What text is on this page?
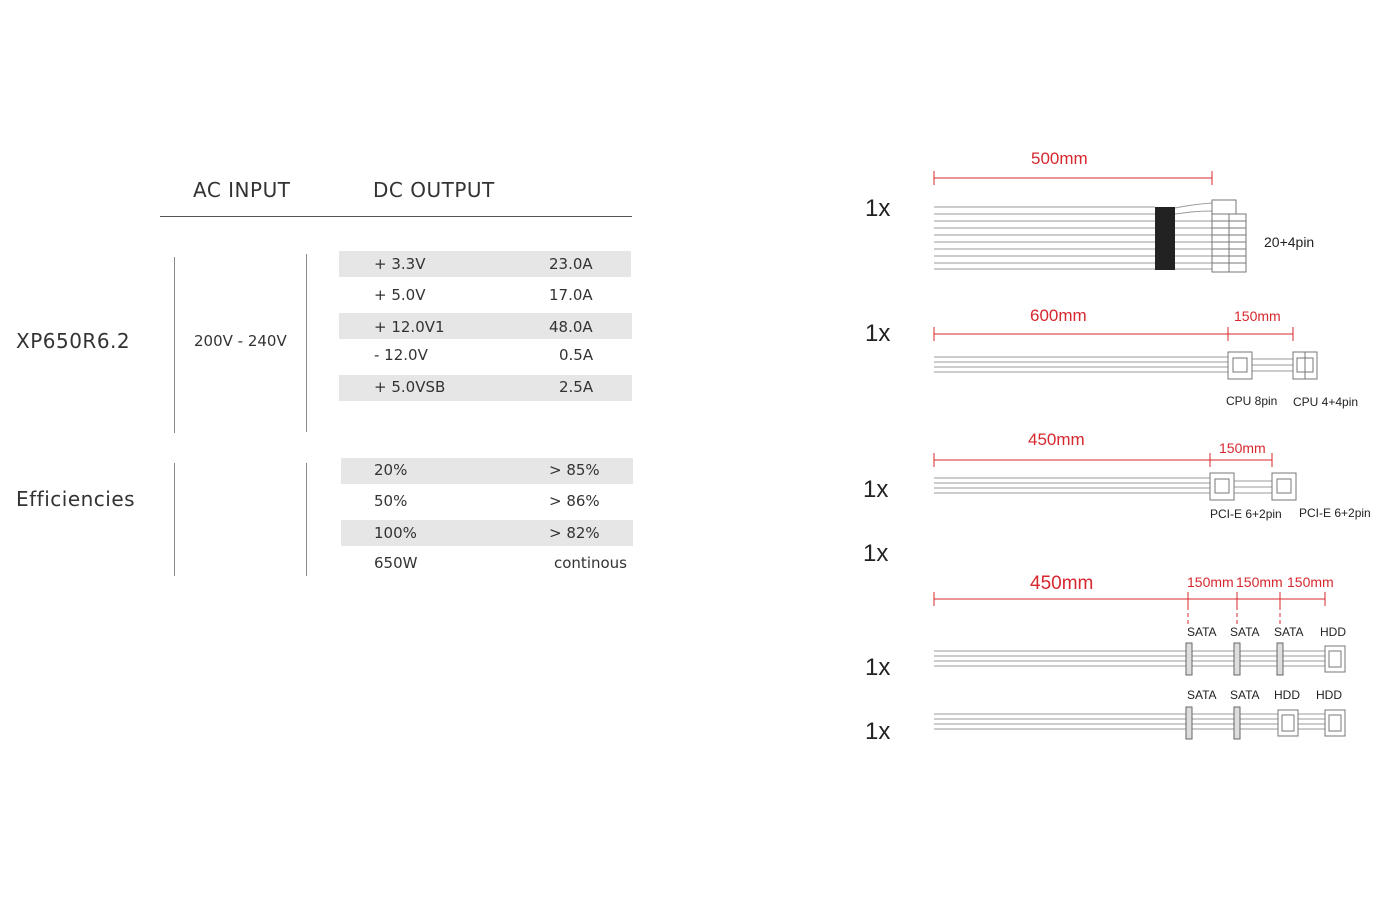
AC INPUT	DC OUTPUT
XP650R6.2	200V - 240V
+ 3.3V	23.0A
+ 5.0V	17.0A
+ 12.0V1	48.0A
- 12.0V	0.5A
+ 5.0VSB	2.5A
Efficiencies
20%	> 85%
50%	> 86%
100%	> 82%
650W	continous
1x
1x
1x
1x
1x
1x
500mm
20+4pin
600mm	150mm
CPU 8pin CPU 4+4pin
450mm	150mm
PCI-E 6+2pin PCI-E 6+2pin
450mm	150mm 150mm 150mm
SATA SATA SATA HDD
SATA SATA HDD HDD
